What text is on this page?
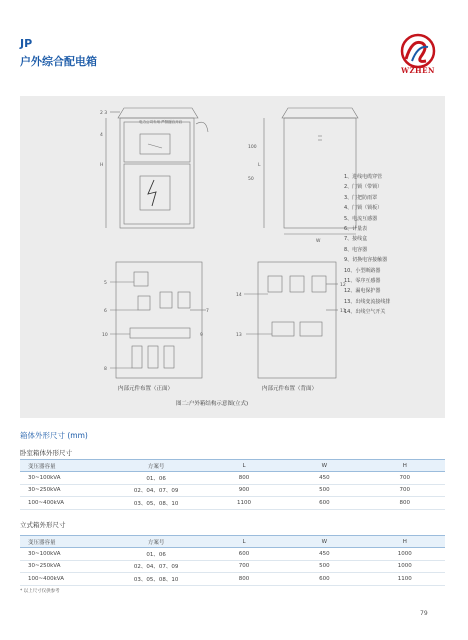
JP
户外综合配电箱
WZHEN
2 3
4
H	L
W
100
50
5
6
10
8
7
9
14
12
11
13
电力公司专用 严禁擅自开启
1、进线电缆穿管
2、门锁（带锁）
3、门把防雨罩
4、门锁（锁板）
5、电流互感器
6、计量表
7、接线盒
8、电容器
9、切换电容接触器
10、小型断路器
11、零序互感器
12、漏电保护器
13、出线变流接线排
14、出线空气开关
内部元件布置（正面）	内部元件布置（背面）
图二:户外箱结构示意图(立式)
箱体外形尺寸 (mm)
卧室箱体外形尺寸
变压器容量	方案号	L	W	H
30~100kVA	01、06	800	450	700
30~250kVA	02、04、07、09	900	500	700
100~400kVA	03、05、08、10	1100	600	800
立式箱外形尺寸
变压器容量	方案号	L	W	H
30~100kVA	01、06	600	450	1000
30~250kVA	02、04、07、09	700	500	1000
100~400kVA	03、05、08、10	800	600	1100
* 以上尺寸仅供参考
79
